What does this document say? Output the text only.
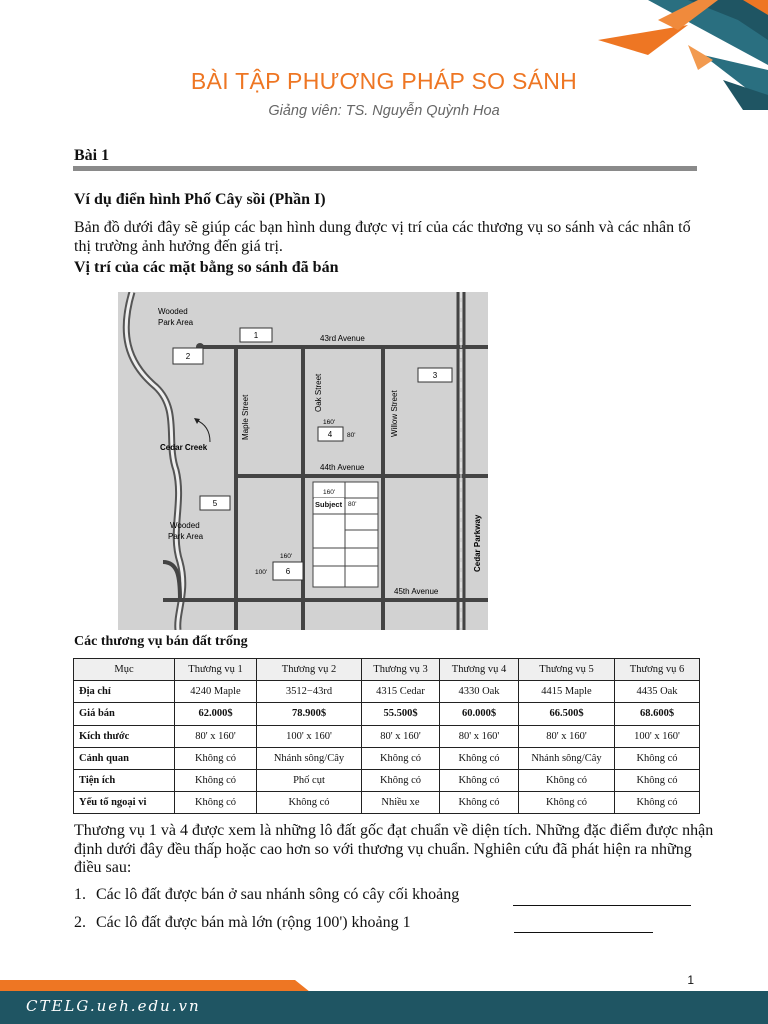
BÀI TẬP PHƯƠNG PHÁP SO SÁNH
Giảng viên: TS. Nguyễn Quỳnh Hoa
Bài 1
Ví dụ điển hình Phố Cây sồi (Phần I)
Bản đồ dưới đây sẽ giúp các bạn hình dung được vị trí của các thương vụ so sánh và các nhân tố thị trường ảnh hưởng đến giá trị.
Vị trí của các mặt bằng so sánh đã bán
Subject 80'
160'
1
2
3
4
160'
80'
5
6
160'
100'
Wooded
Park Area
Wooded
Park Area
Cedar Creek
43rd Avenue
44th Avenue
45th Avenue
Maple Street
Oak Street	Willow Street
Cedar Parkway
Các thương vụ bán đất trống
Mục	Thương vụ 1	Thương vụ 2	Thương vụ 3	Thương vụ 4	Thương vụ 5	Thương vụ 6
Địa chỉ	4240 Maple	3512−43rd	4315 Cedar	4330 Oak	4415 Maple	4435 Oak
Giá bán	62.000$	78.900$	55.500$	60.000$	66.500$	68.600$
Kích thước	80' x 160'	100' x 160'	80' x 160'	80' x 160'	80' x 160'	100' x 160'
Cảnh quan	Không có	Nhánh sông/Cây	Không có	Không có	Nhánh sông/Cây	Không có
Tiện ích	Không có	Phố cụt	Không có	Không có	Không có	Không có
Yếu tố ngoại vi	Không có	Không có	Nhiều xe	Không có	Không có	Không có
Thương vụ 1 và 4 được xem là những lô đất gốc đạt chuẩn về diện tích. Những đặc điểm được nhận định dưới đây đều thấp hoặc cao hơn so với thương vụ chuẩn. Nghiên cứu đã phát hiện ra những điều sau:
1. Các lô đất được bán ở sau nhánh sông có cây cối khoảng
2. Các lô đất được bán mà lớn (rộng 100') khoảng 1
1
CTELG.ueh.edu.vn
